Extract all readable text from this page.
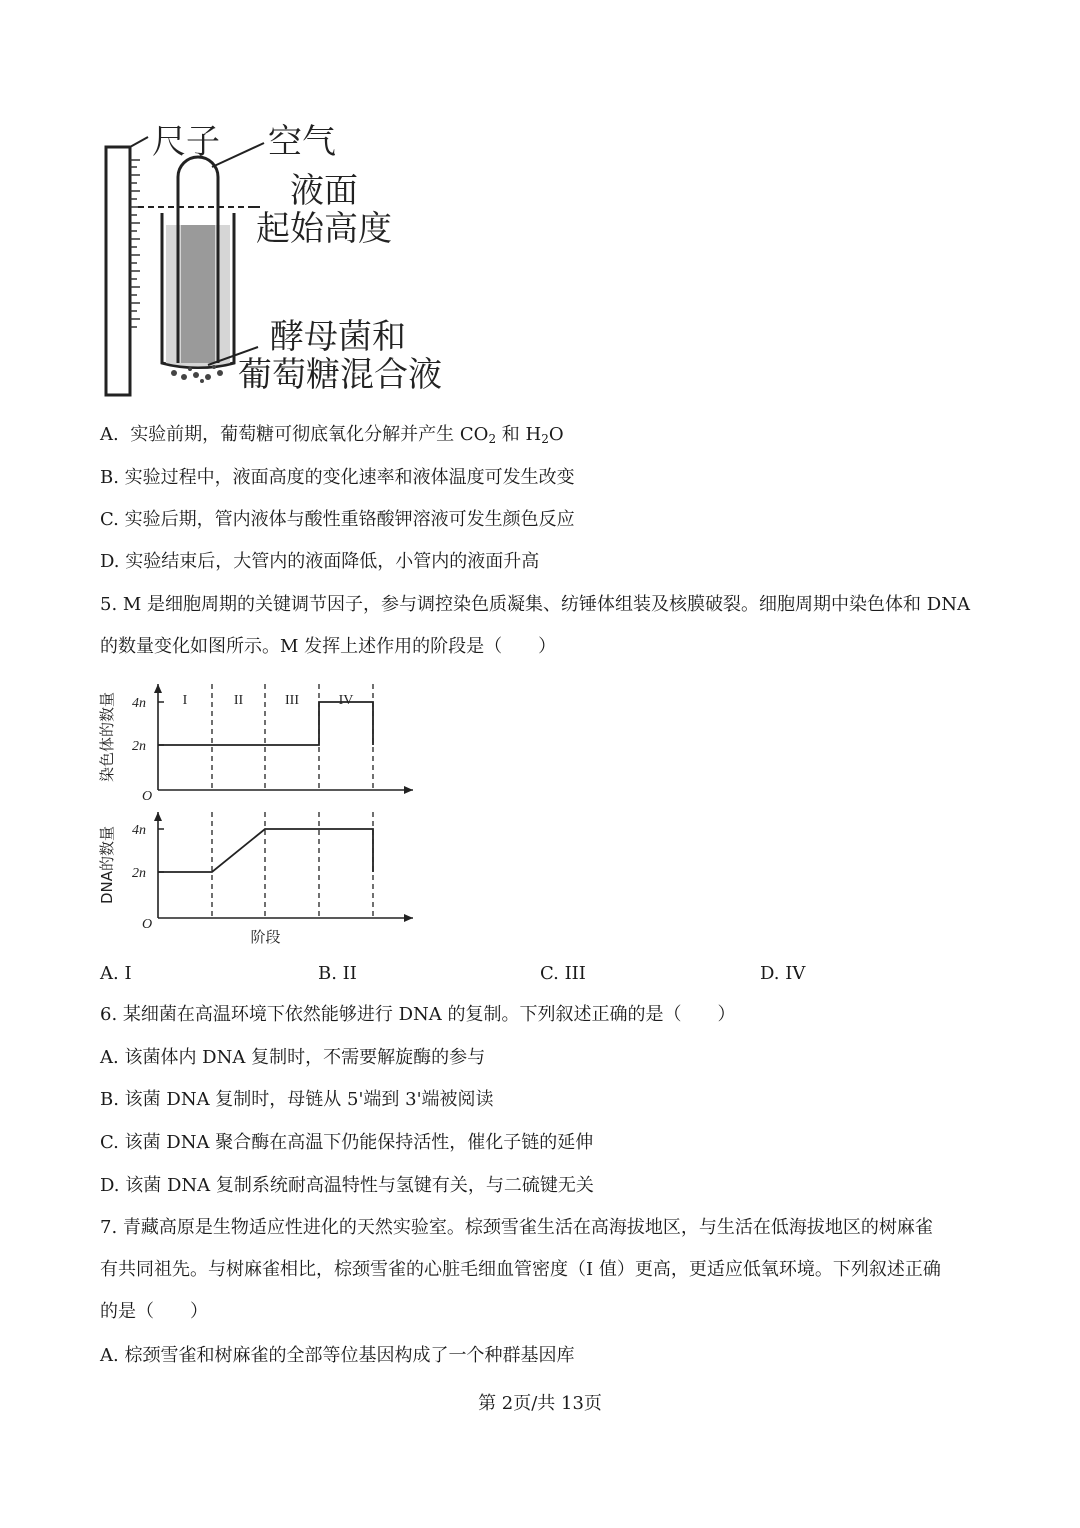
尺子 空气
液面
起始高度
酵母菌和
葡萄糖混合液
A. 实验前期，葡萄糖可彻底氧化分解并产生 $CO_2$ 和 $H_2O$
B. 实验过程中，液面高度的变化速率和液体温度可发生改变
C. 实验后期，管内液体与酸性重铬酸钾溶液可发生颜色反应
D. 实验结束后，大管内的液面降低，小管内的液面升高
5. M 是细胞周期的关键调节因子，参与调控染色质凝集、纺锤体组装及核膜破裂。细胞周期中染色体和 DNA
的数量变化如图所示。M 发挥上述作用的阶段是（　　）
O
2n
4n
染色体的数量	I	II	III	IV
O
2n
4n
DNA的数量
阶段
A. I	B. II	C. III	D. IV
6. 某细菌在高温环境下依然能够进行 DNA 的复制。下列叙述正确的是（　　）
A. 该菌体内 DNA 复制时，不需要解旋酶的参与
B. 该菌 DNA 复制时，母链从 5'端到 3'端被阅读
C. 该菌 DNA 聚合酶在高温下仍能保持活性，催化子链的延伸
D. 该菌 DNA 复制系统耐高温特性与氢键有关，与二硫键无关
7. 青藏高原是生物适应性进化的天然实验室。棕颈雪雀生活在高海拔地区，与生活在低海拔地区的树麻雀
有共同祖先。与树麻雀相比，棕颈雪雀的心脏毛细血管密度（I 值）更高，更适应低氧环境。下列叙述正确
的是（　　）
A. 棕颈雪雀和树麻雀的全部等位基因构成了一个种群基因库
第 2页/共 13页
